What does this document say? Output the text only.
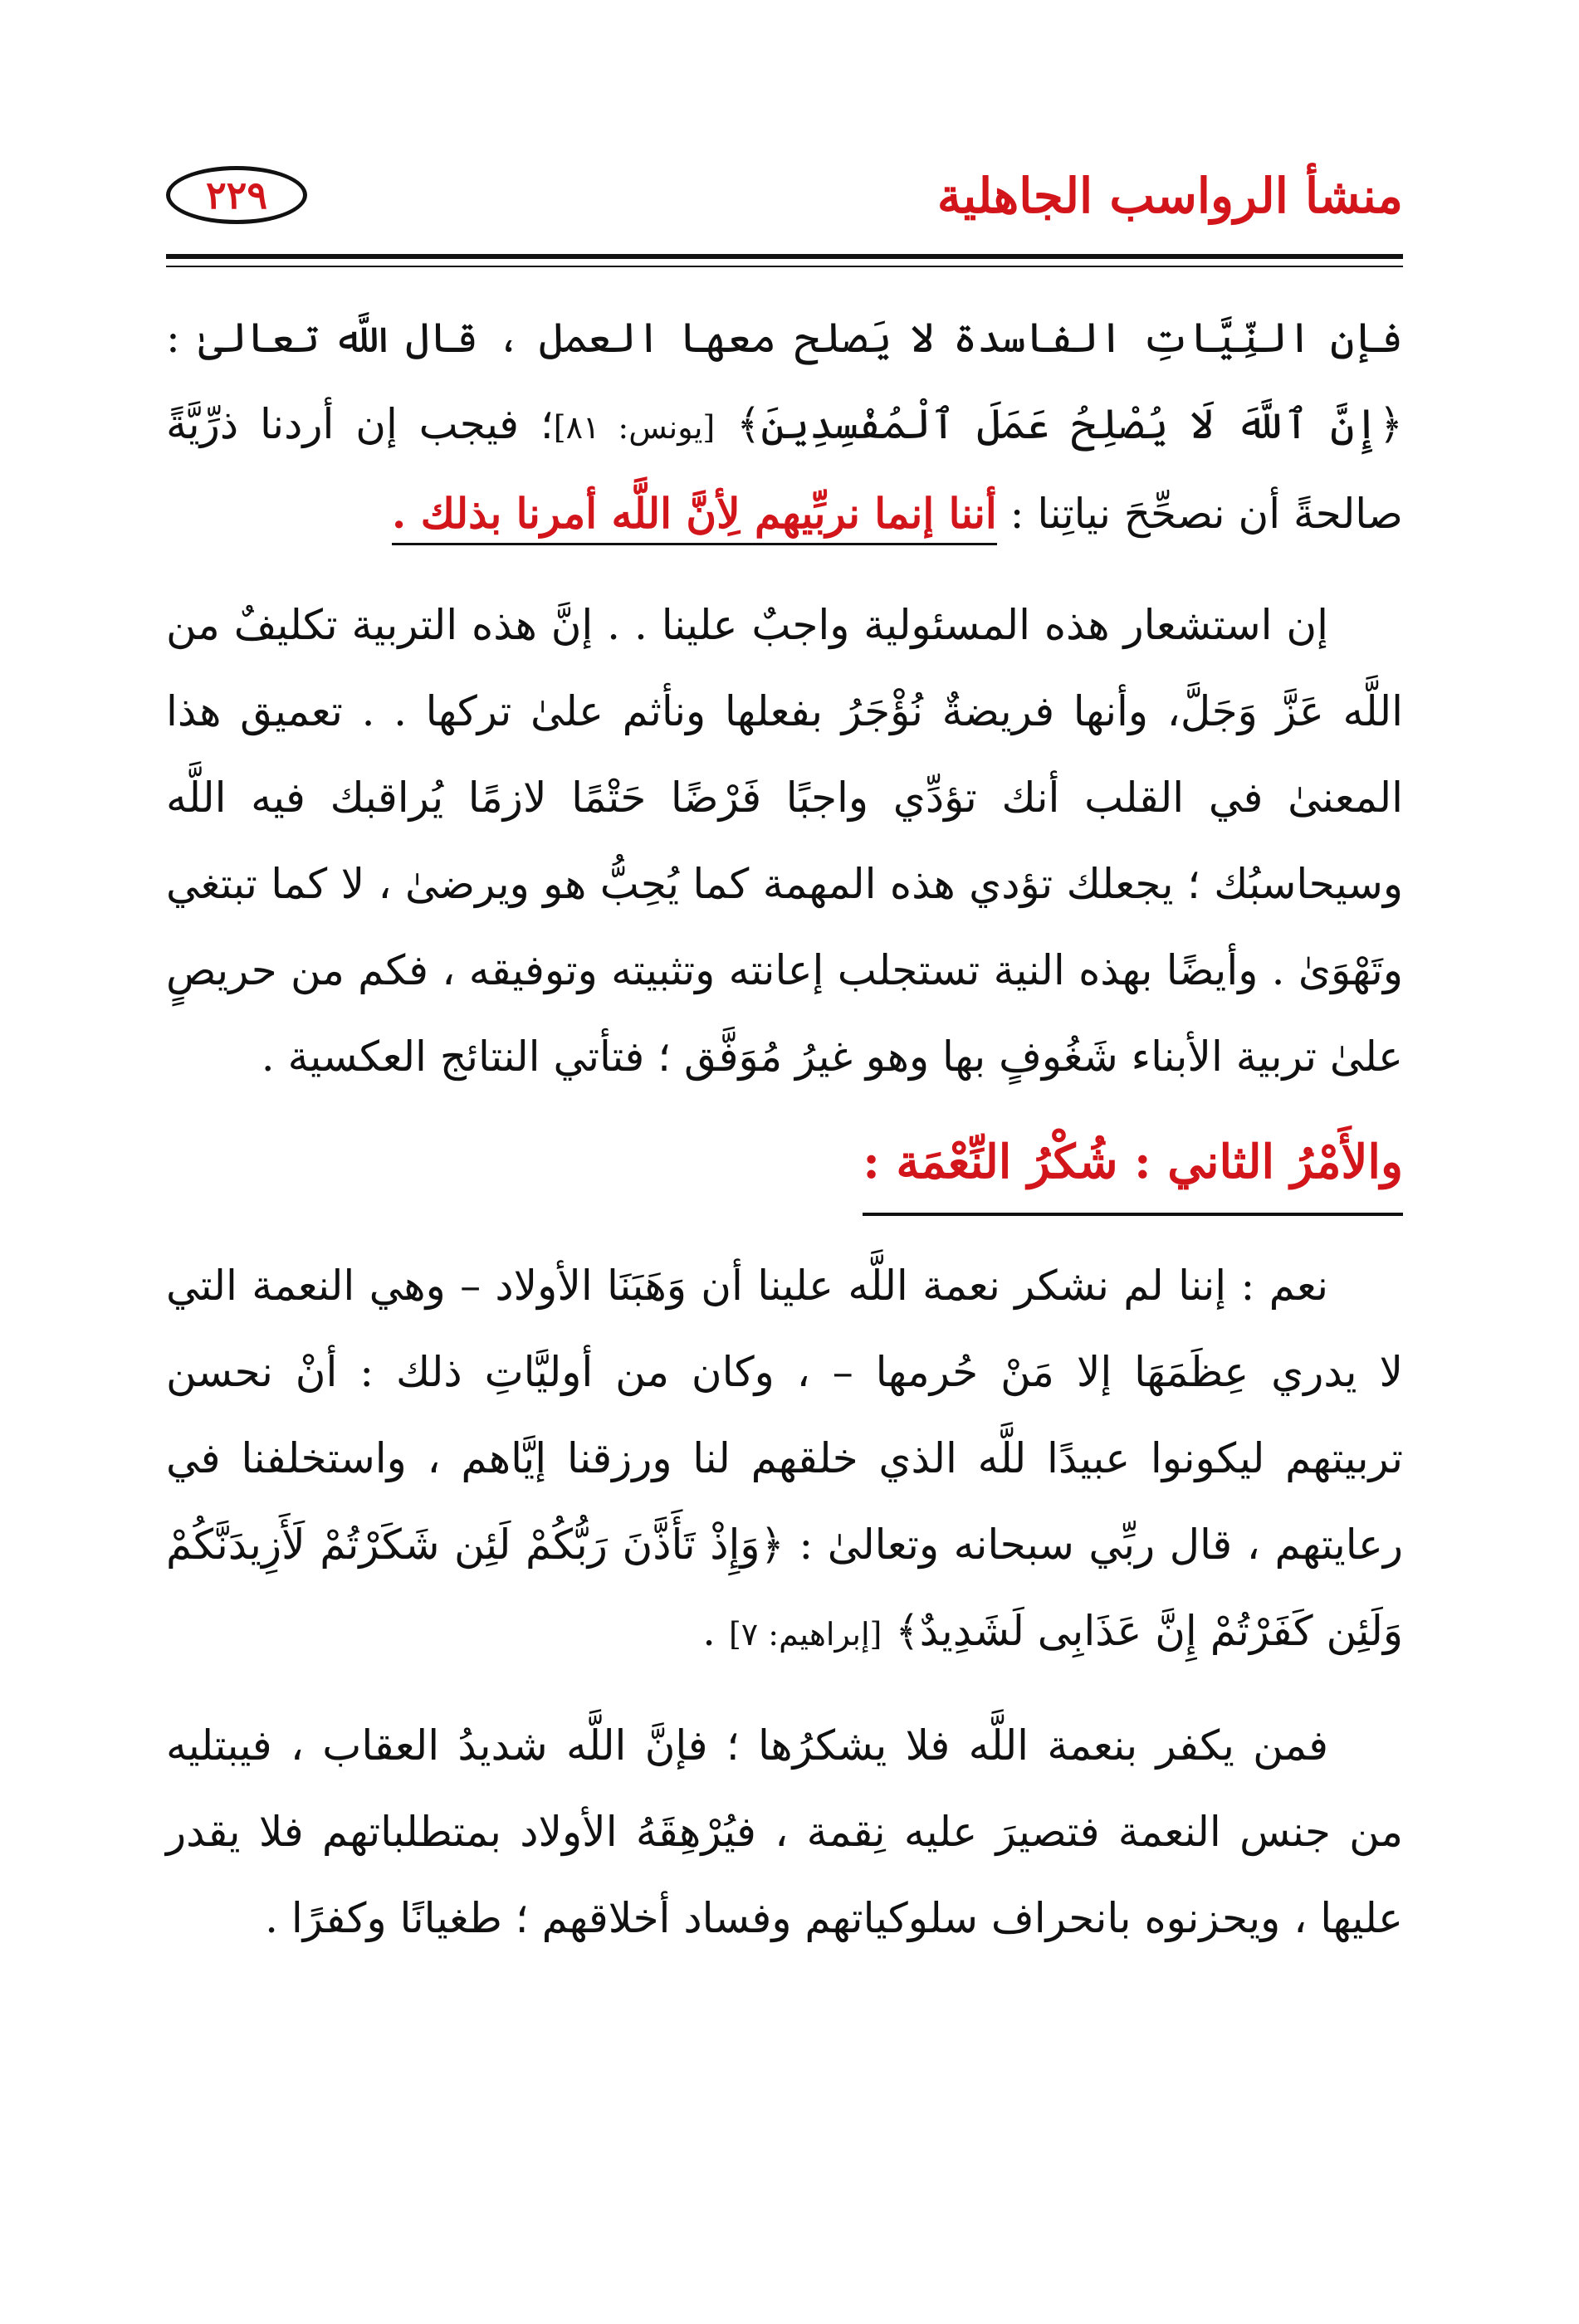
منشأ الرواسب الجاهلية
٢٢٩

فإن النِّيَّاتِ الفاسدة لا يَصلح معها العمل ، قال اللَّه تعالىٰ : ﴿إِنَّ ٱللَّهَ لَا يُصْلِحُ عَمَلَ ٱلْمُفْسِدِينَ﴾ [يونس: ٨١]؛ فيجب إن أردنا ذرِّيَّةً صالحةً أن نصحِّحَ نياتِنا : أننا إنما نربِّيهم لِأنَّ اللَّه أمرنا بذلك .

إن استشعار هذه المسئولية واجبٌ علينا . . إنَّ هذه التربية تكليفٌ من اللَّه عَزَّ وَجَلَّ، وأنها فريضةٌ نُؤْجَرُ بفعلها ونأثم علىٰ تركها . . تعميق هذا المعنىٰ في القلب أنك تؤدِّي واجبًا فَرْضًا حَتْمًا لازمًا يُراقبك فيه اللَّه وسيحاسبُك ؛ يجعلك تؤدي هذه المهمة كما يُحِبُّ هو ويرضىٰ ، لا كما تبتغي وتَهْوَىٰ . وأيضًا بهذه النية تستجلب إعانته وتثبيته وتوفيقه ، فكم من حريصٍ علىٰ تربية الأبناء شَغُوفٍ بها وهو غيرُ مُوَفَّق ؛ فتأتي النتائج العكسية .

والأَمْرُ الثاني : شُكْرُ النِّعْمَة :

نعم : إننا لم نشكر نعمة اللَّه علينا أن وَهَبَنَا الأولاد – وهي النعمة التي لا يدري عِظَمَهَا إلا مَنْ حُرمها – ، وكان من أوليَّاتِ ذلك : أنْ نحسن تربيتهم ليكونوا عبيدًا للَّه الذي خلقهم لنا ورزقنا إيَّاهم ، واستخلفنا في رعايتهم ، قال ربِّي سبحانه وتعالىٰ : ﴿وَإِذْ تَأَذَّنَ رَبُّكُمْ لَئِن شَكَرْتُمْ لَأَزِيدَنَّكُمْ وَلَئِن كَفَرْتُمْ إِنَّ عَذَابِى لَشَدِيدٌ﴾ [إبراهيم: ٧] .

فمن يكفر بنعمة اللَّه فلا يشكرُها ؛ فإنَّ اللَّه شديدُ العقاب ، فيبتليه من جنس النعمة فتصيرَ عليه نِقمة ، فيُرْهِقَهُ الأولاد بمتطلباتهم فلا يقدر عليها ، ويحزنوه بانحراف سلوكياتهم وفساد أخلاقهم ؛ طغيانًا وكفرًا .
